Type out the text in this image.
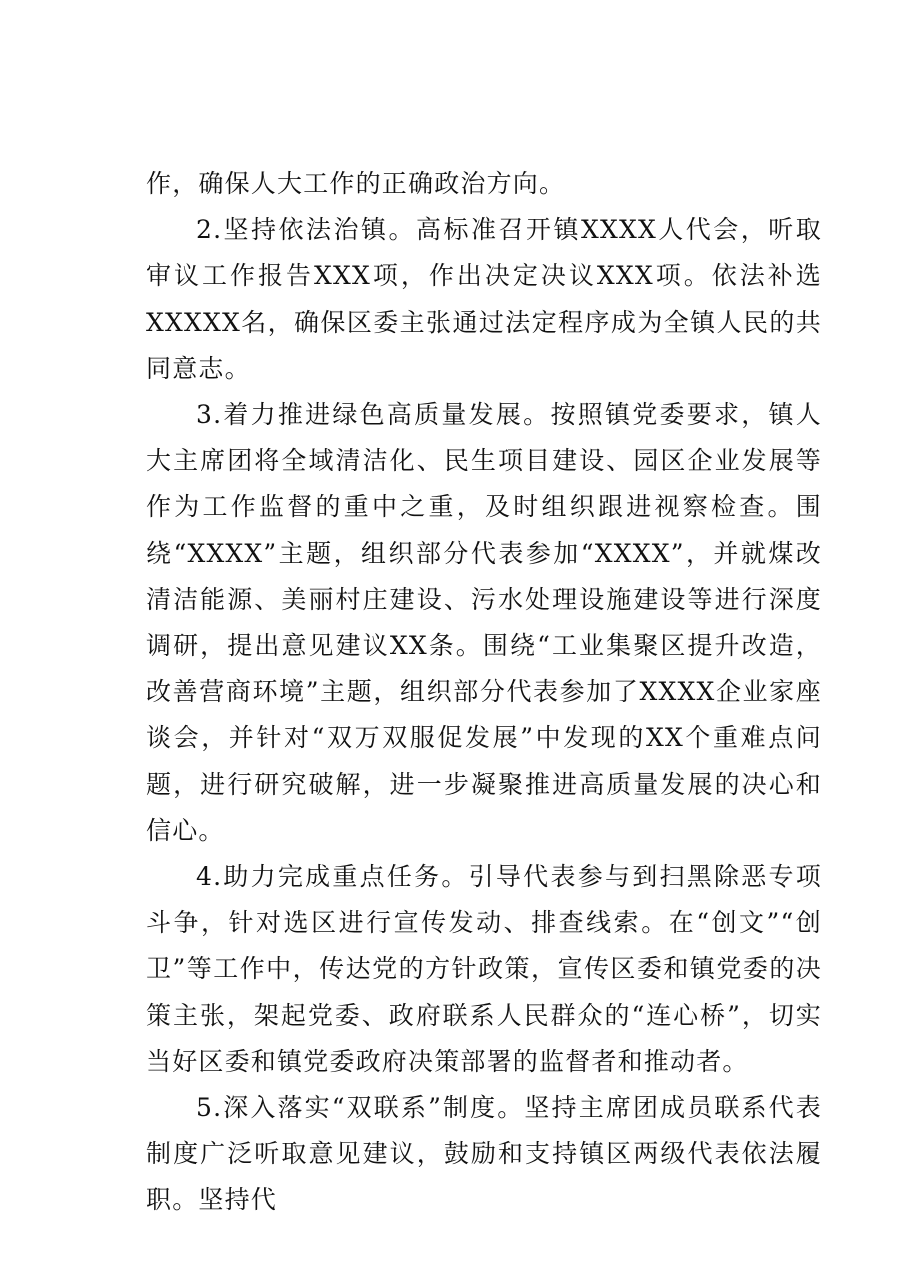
作，确保人大工作的正确政治方向。

2.坚持依法治镇。高标准召开镇XXXX人代会，听取审议工作报告XXX项，作出决定决议XXX项。依法补选XXXXX名，确保区委主张通过法定程序成为全镇人民的共同意志。

3.着力推进绿色高质量发展。按照镇党委要求，镇人大主席团将全域清洁化、民生项目建设、园区企业发展等作为工作监督的重中之重，及时组织跟进视察检查。围绕“XXXX”主题，组织部分代表参加“XXXX”，并就煤改清洁能源、美丽村庄建设、污水处理设施建设等进行深度调研，提出意见建议XX条。围绕“工业集聚区提升改造，改善营商环境”主题，组织部分代表参加了XXXX企业家座谈会，并针对“双万双服促发展”中发现的XX个重难点问题，进行研究破解，进一步凝聚推进高质量发展的决心和信心。

4.助力完成重点任务。引导代表参与到扫黑除恶专项斗争，针对选区进行宣传发动、排查线索。在“创文”“创卫”等工作中，传达党的方针政策，宣传区委和镇党委的决策主张，架起党委、政府联系人民群众的“连心桥”，切实当好区委和镇党委政府决策部署的监督者和推动者。

5.深入落实“双联系”制度。坚持主席团成员联系代表制度广泛听取意见建议，鼓励和支持镇区两级代表依法履职。坚持代
